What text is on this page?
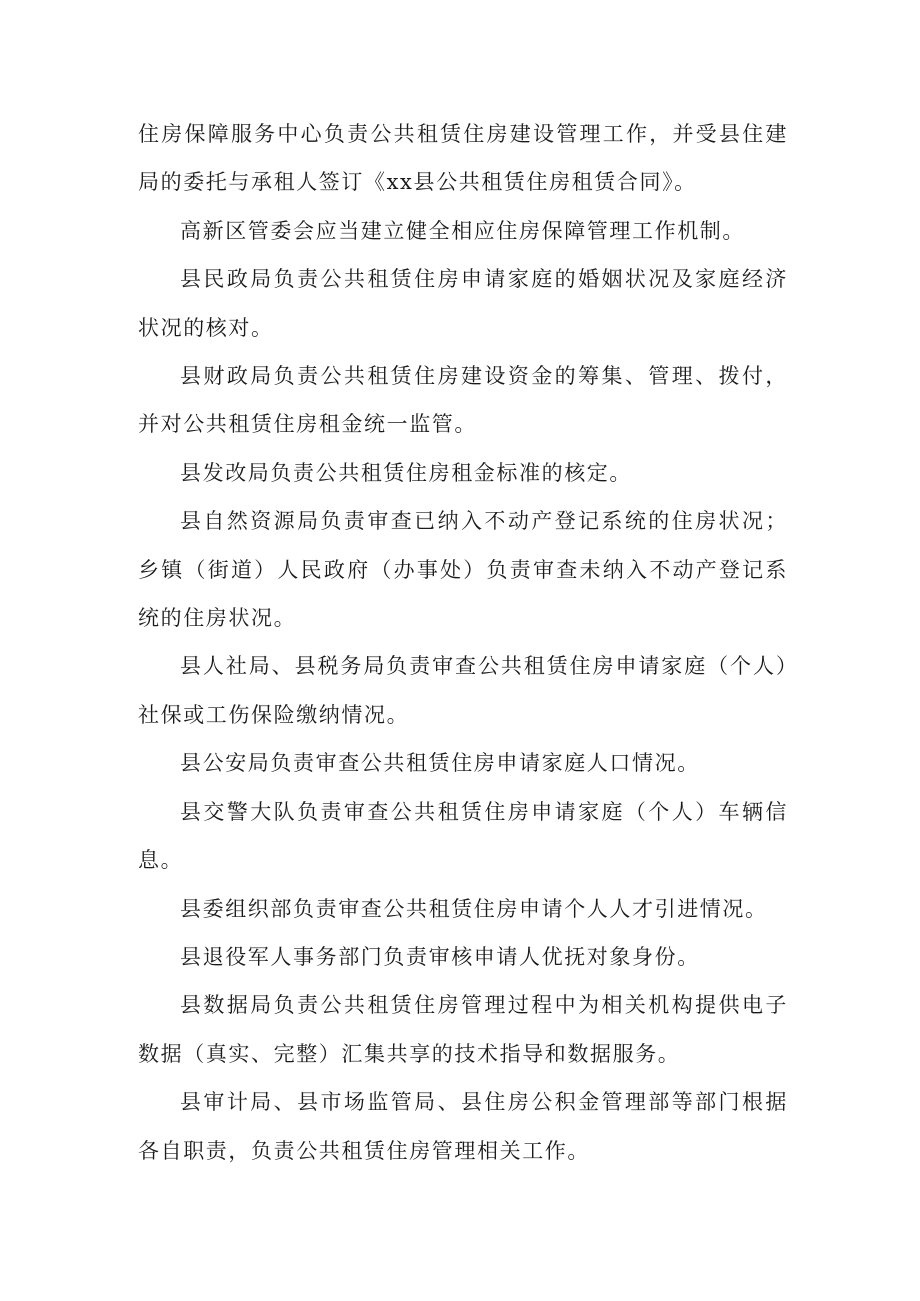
住房保障服务中心负责公共租赁住房建设管理工作，并受县住建局的委托与承租人签订《xx县公共租赁住房租赁合同》。

高新区管委会应当建立健全相应住房保障管理工作机制。

县民政局负责公共租赁住房申请家庭的婚姻状况及家庭经济状况的核对。

县财政局负责公共租赁住房建设资金的筹集、管理、拨付，并对公共租赁住房租金统一监管。

县发改局负责公共租赁住房租金标准的核定。

县自然资源局负责审查已纳入不动产登记系统的住房状况；乡镇（街道）人民政府（办事处）负责审查未纳入不动产登记系统的住房状况。

县人社局、县税务局负责审查公共租赁住房申请家庭（个人）社保或工伤保险缴纳情况。

县公安局负责审查公共租赁住房申请家庭人口情况。

县交警大队负责审查公共租赁住房申请家庭（个人）车辆信息。

县委组织部负责审查公共租赁住房申请个人人才引进情况。

县退役军人事务部门负责审核申请人优抚对象身份。

县数据局负责公共租赁住房管理过程中为相关机构提供电子数据（真实、完整）汇集共享的技术指导和数据服务。

县审计局、县市场监管局、县住房公积金管理部等部门根据各自职责，负责公共租赁住房管理相关工作。
